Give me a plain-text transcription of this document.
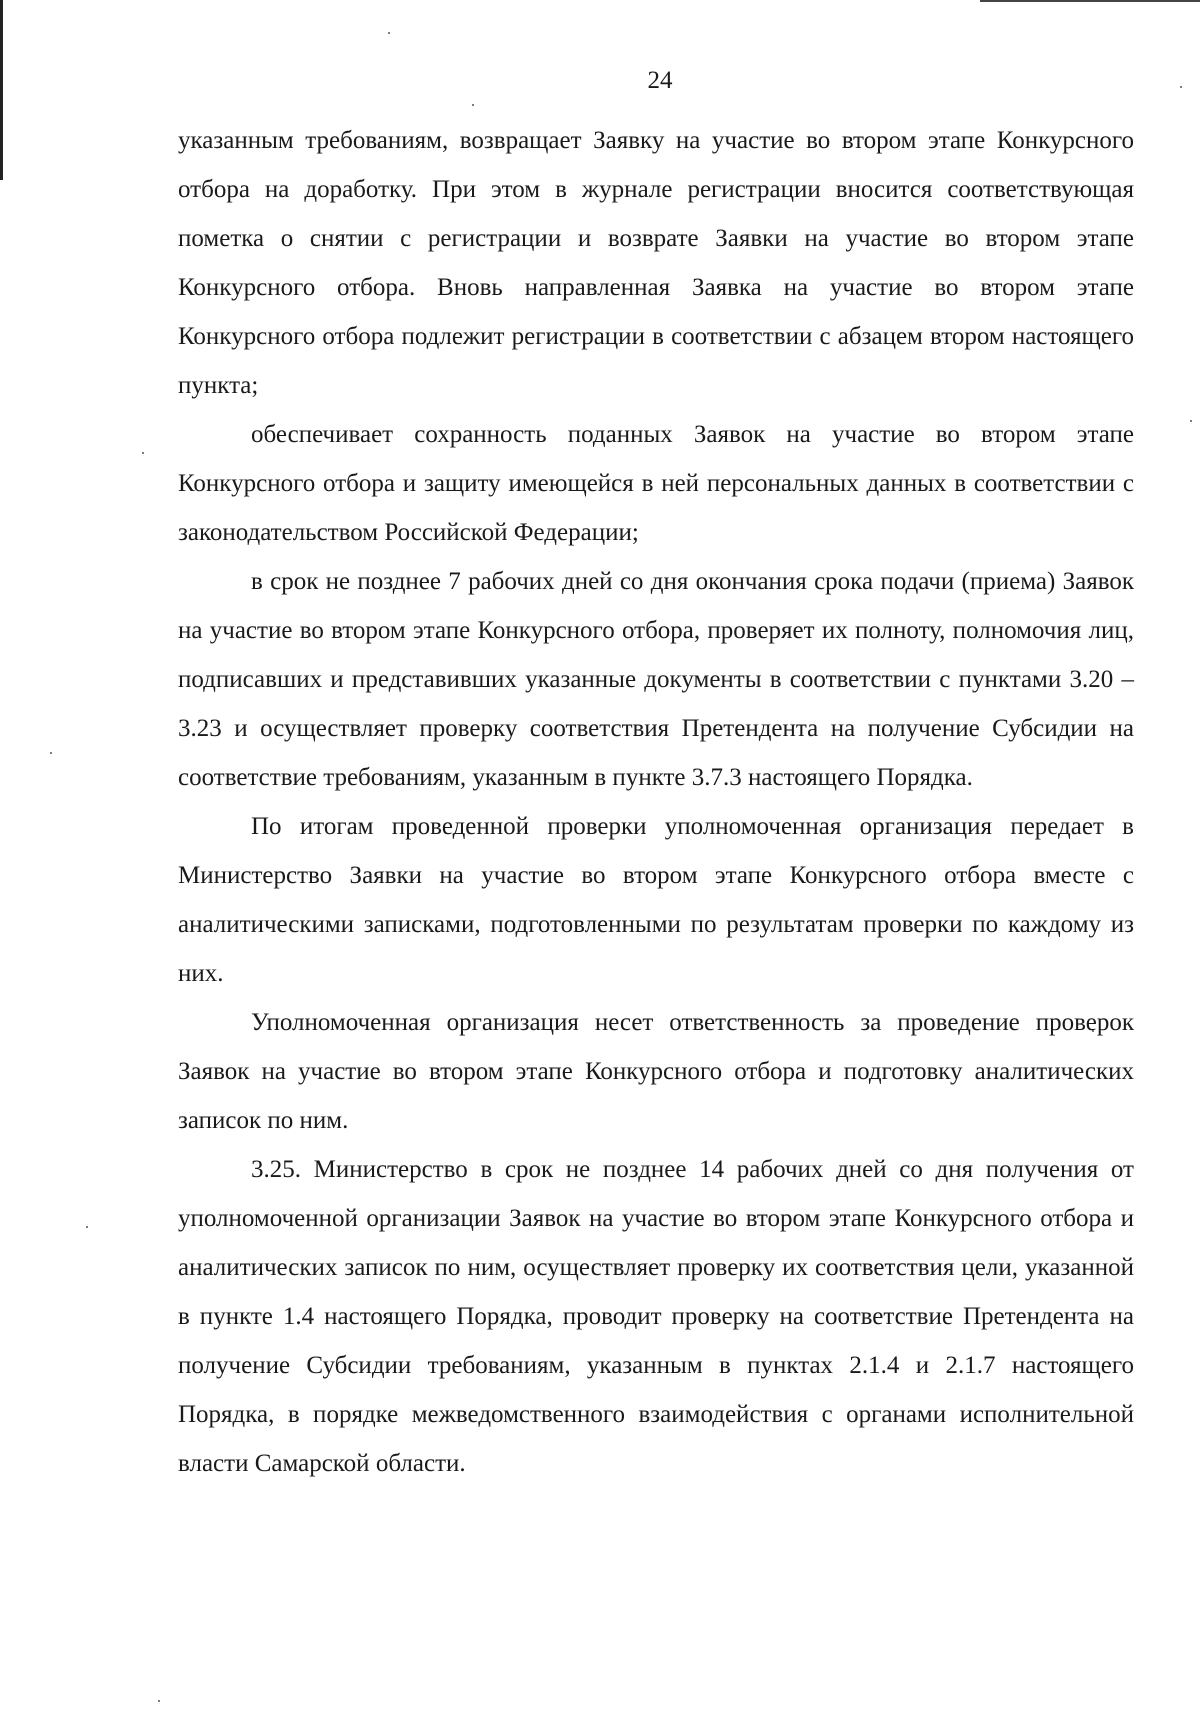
24

указанным требованиям, возвращает Заявку на участие во втором этапе Конкурсного отбора на доработку. При этом в журнале регистрации вносится соответствующая пометка о снятии с регистрации и возврате Заявки на участие во втором этапе Конкурсного отбора. Вновь направленная Заявка на участие во втором этапе Конкурсного отбора подлежит регистрации в соответствии с абзацем втором настоящего пункта;

обеспечивает сохранность поданных Заявок на участие во втором этапе Конкурсного отбора и защиту имеющейся в ней персональных данных в соответствии с законодательством Российской Федерации;

в срок не позднее 7 рабочих дней со дня окончания срока подачи (приема) Заявок на участие во втором этапе Конкурсного отбора, проверяет их полноту, полномочия лиц, подписавших и представивших указанные документы в соответствии с пунктами 3.20 – 3.23 и осуществляет проверку соответствия Претендента на получение Субсидии на соответствие требованиям, указанным в пункте 3.7.3 настоящего Порядка.

По итогам проведенной проверки уполномоченная организация передает в Министерство Заявки на участие во втором этапе Конкурсного отбора вместе с аналитическими записками, подготовленными по результатам проверки по каждому из них.

Уполномоченная организация несет ответственность за проведение проверок Заявок на участие во втором этапе Конкурсного отбора и подготовку аналитических записок по ним.

3.25. Министерство в срок не позднее 14 рабочих дней со дня получения от уполномоченной организации Заявок на участие во втором этапе Конкурсного отбора и аналитических записок по ним, осуществляет проверку их соответствия цели, указанной в пункте 1.4 настоящего Порядка, проводит проверку на соответствие Претендента на получение Субсидии требованиям, указанным в пунктах 2.1.4 и 2.1.7 настоящего Порядка, в порядке межведомственного взаимодействия с органами исполнительной власти Самарской области.
